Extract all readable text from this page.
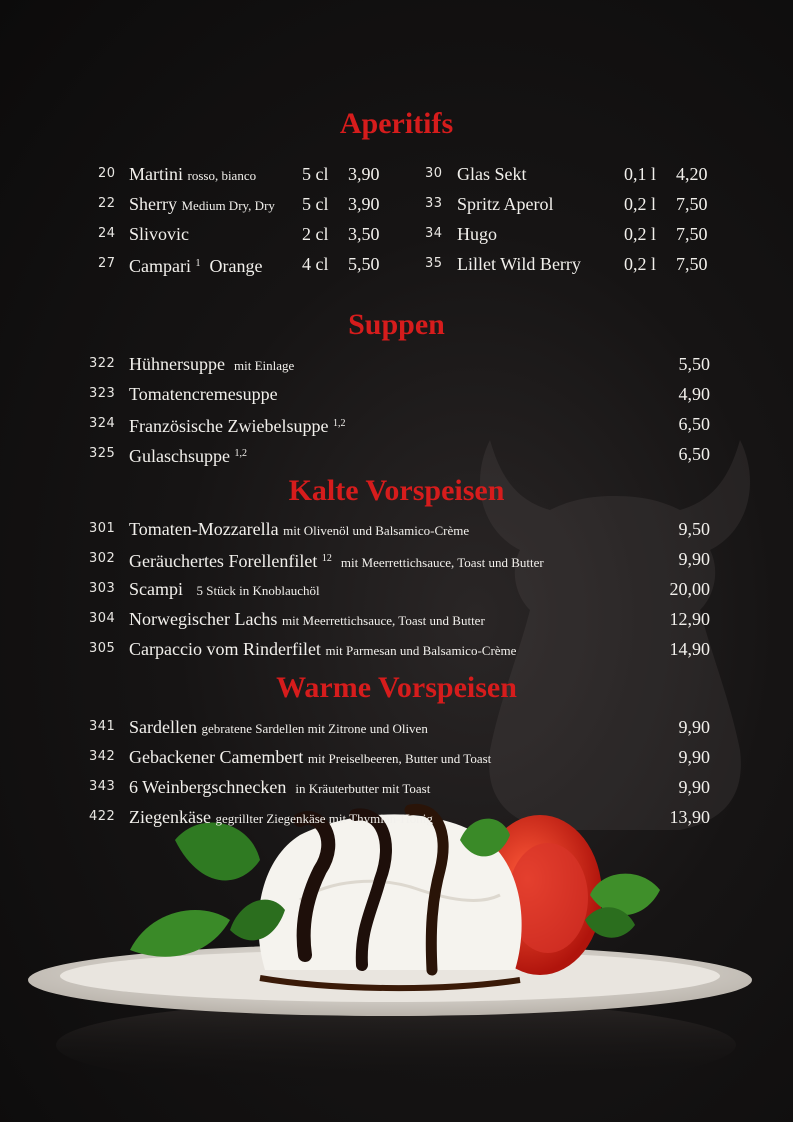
Aperitifs
20 Martini rosso, bianco	5 cl 3,90	30 Glas Sekt	0,1 l 4,20
22 Sherry Medium Dry, Dry 5 cl 3,90	33 Spritz Aperol	0,2 l 7,50
24 Slivovic	2 cl 3,50	34 Hugo	0,2 l 7,50
27 Campari $^1$ Orange 4 cl 5,50	35 Lillet Wild Berry 0,2 l 7,50
Suppen
322 Hühnersuppe mit Einlage	5,50
323 Tomatencremesuppe	4,90
324 Französische Zwiebelsuppe $^{1,2}$	6,50
325 Gulaschsuppe $^{1,2}$	6,50
Kalte Vorspeisen
301 Tomaten-Mozzarella mit Olivenöl und Balsamico-Crème	9,50
302 Geräuchertes Forellenfilet $^{12}$ mit Meerrettichsauce, Toast und Butter	9,90
303 Scampi 5 Stück in Knoblauchöl	20,00
304 Norwegischer Lachs mit Meerrettichsauce, Toast und Butter	12,90
305 Carpaccio vom Rinderfilet mit Parmesan und Balsamico-Crème	14,90
Warme Vorspeisen
341 Sardellen gebratene Sardellen mit Zitrone und Oliven	9,90
342 Gebackener Camembert mit Preiselbeeren, Butter und Toast	9,90
343 6 Weinbergschnecken in Kräuterbutter mit Toast	9,90
422 Ziegenkäse gegrillter Ziegenkäse mit Thymian-Honig	13,90
